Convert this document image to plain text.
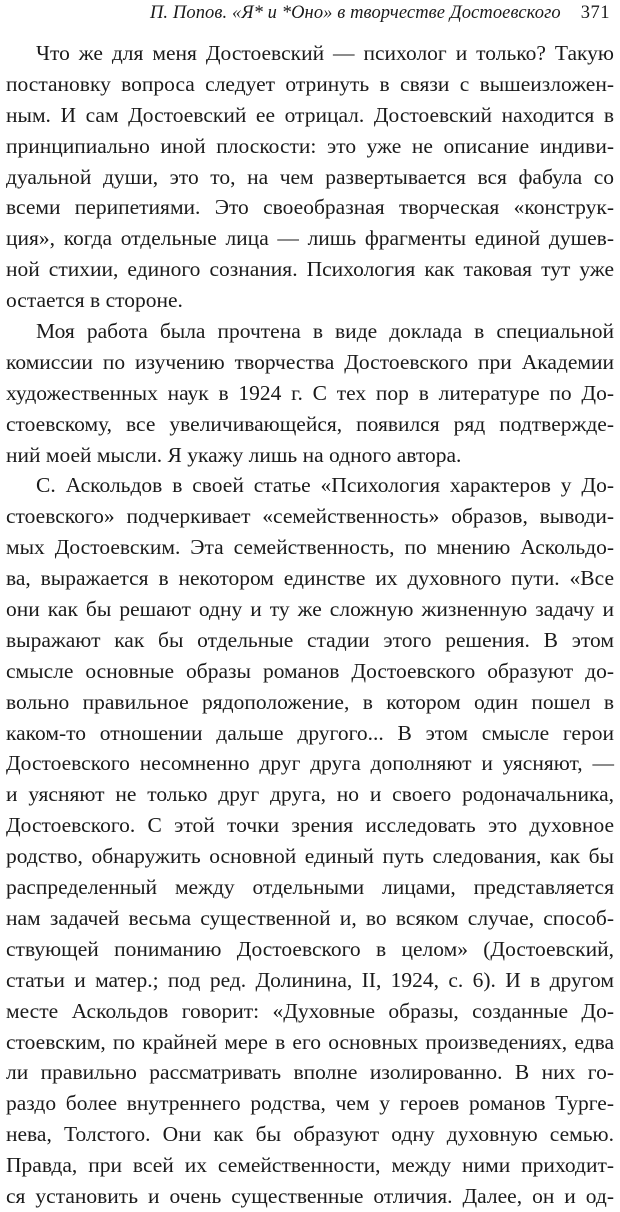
П. Попов. «Я* и *Оно» в творчестве Достоевского 371
Что же для меня Достоевский — психолог и только? Такую
постановку вопроса следует отринуть в связи с вышеизложен-
ным. И сам Достоевский ее отрицал. Достоевский находится в
принципиально иной плоскости: это уже не описание индиви-
дуальной души, это то, на чем развертывается вся фабула со
всеми перипетиями. Это своеобразная творческая «конструк-
ция», когда отдельные лица — лишь фрагменты единой душев-
ной стихии, единого сознания. Психология как таковая тут уже
остается в стороне.
Моя работа была прочтена в виде доклада в специальной
комиссии по изучению творчества Достоевского при Академии
художественных наук в 1924 г. С тех пор в литературе по До-
стоевскому, все увеличивающейся, появился ряд подтвержде-
ний моей мысли. Я укажу лишь на одного автора.
С. Аскольдов в своей статье «Психология характеров у До-
стоевского» подчеркивает «семейственность» образов, выводи-
мых Достоевским. Эта семейственность, по мнению Аскольдо-
ва, выражается в некотором единстве их духовного пути. «Все
они как бы решают одну и ту же сложную жизненную задачу и
выражают как бы отдельные стадии этого решения. В этом
смысле основные образы романов Достоевского образуют до-
вольно правильное рядоположение, в котором один пошел в
каком-то отношении дальше другого... В этом смысле герои
Достоевского несомненно друг друга дополняют и уясняют, —
и уясняют не только друг друга, но и своего родоначальника,
Достоевского. С этой точки зрения исследовать это духовное
родство, обнаружить основной единый путь следования, как бы
распределенный между отдельными лицами, представляется
нам задачей весьма существенной и, во всяком случае, способ-
ствующей пониманию Достоевского в целом» (Достоевский,
статьи и матер.; под ред. Долинина, II, 1924, с. 6). И в другом
месте Аскольдов говорит: «Духовные образы, созданные До-
стоевским, по крайней мере в его основных произведениях, едва
ли правильно рассматривать вполне изолированно. В них го-
раздо более внутреннего родства, чем у героев романов Турге-
нева, Толстого. Они как бы образуют одну духовную семью.
Правда, при всей их семейственности, между ними приходит-
ся установить и очень существенные отличия. Далее, он и од-
